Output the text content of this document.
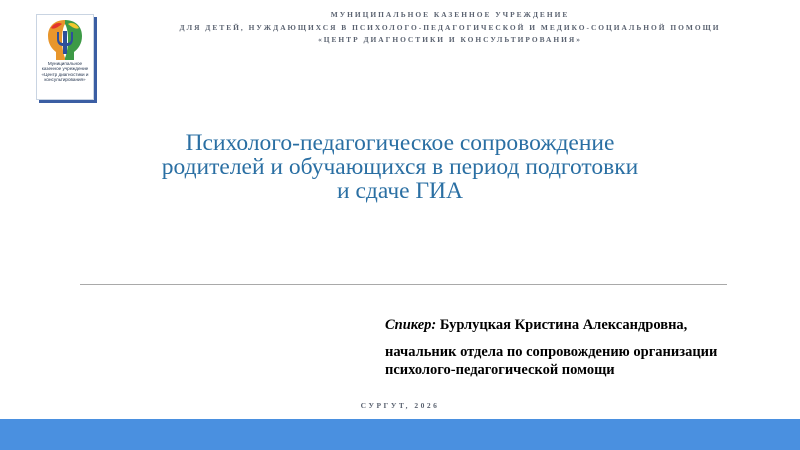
МУНИЦИПАЛЬНОЕ КАЗЕННОЕ УЧРЕЖДЕНИЕ
ДЛЯ ДЕТЕЙ, НУЖДАЮЩИХСЯ В ПСИХОЛОГО-ПЕДАГОГИЧЕСКОЙ И МЕДИКО-СОЦИАЛЬНОЙ ПОМОЩИ
«ЦЕНТР ДИАГНОСТИКИ И КОНСУЛЬТИРОВАНИЯ»
Муниципальное казенное учреждение «Центр диагностики и консультирования»
Психолого-педагогическое сопровождение
родителей и обучающихся в период подготовки
и сдаче ГИА
Спикер: Бурлуцкая Кристина Александровна,
начальник отдела по сопровождению организации
психолого-педагогической помощи
СУРГУТ, 2026
